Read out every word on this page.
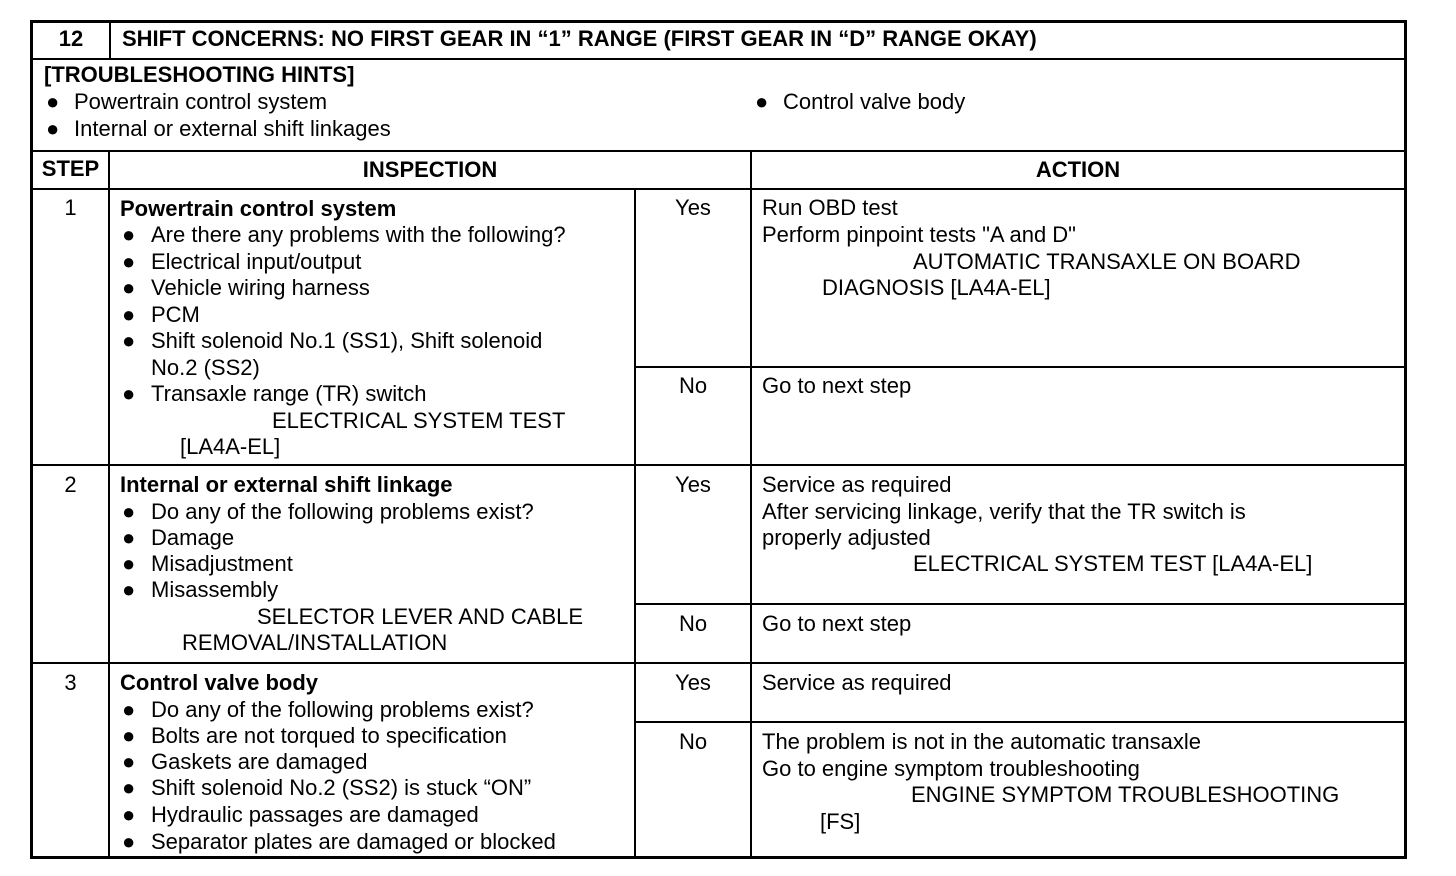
12	SHIFT CONCERNS: NO FIRST GEAR IN “1” RANGE (FIRST GEAR IN “D” RANGE OKAY)
[TROUBLESHOOTING HINTS]
● Powertrain control system
● Internal or external shift linkages
● Control valve body
STEP	INSPECTION	ACTION
1	Powertrain control system
● Are there any problems with the following?
● Electrical input/output
● Vehicle wiring harness
● PCM
● Shift solenoid No.1 (SS1), Shift solenoid
No.2 (SS2)
● Transaxle range (TR) switch
ELECTRICAL SYSTEM TEST
[LA4A-EL]
Yes	Run OBD test
Perform pinpoint tests "A and D"
AUTOMATIC TRANSAXLE ON BOARD
DIAGNOSIS [LA4A-EL]
No	Go to next step
2	Internal or external shift linkage
● Do any of the following problems exist?
● Damage
● Misadjustment
● Misassembly
SELECTOR LEVER AND CABLE
REMOVAL/INSTALLATION
Yes	Service as required
After servicing linkage, verify that the TR switch is
properly adjusted
ELECTRICAL SYSTEM TEST [LA4A-EL]
No	Go to next step
3	Control valve body
● Do any of the following problems exist?
● Bolts are not torqued to specification
● Gaskets are damaged
● Shift solenoid No.2 (SS2) is stuck “ON”
● Hydraulic passages are damaged
● Separator plates are damaged or blocked
Yes	Service as required
No	The problem is not in the automatic transaxle
Go to engine symptom troubleshooting
ENGINE SYMPTOM TROUBLESHOOTING
[FS]
